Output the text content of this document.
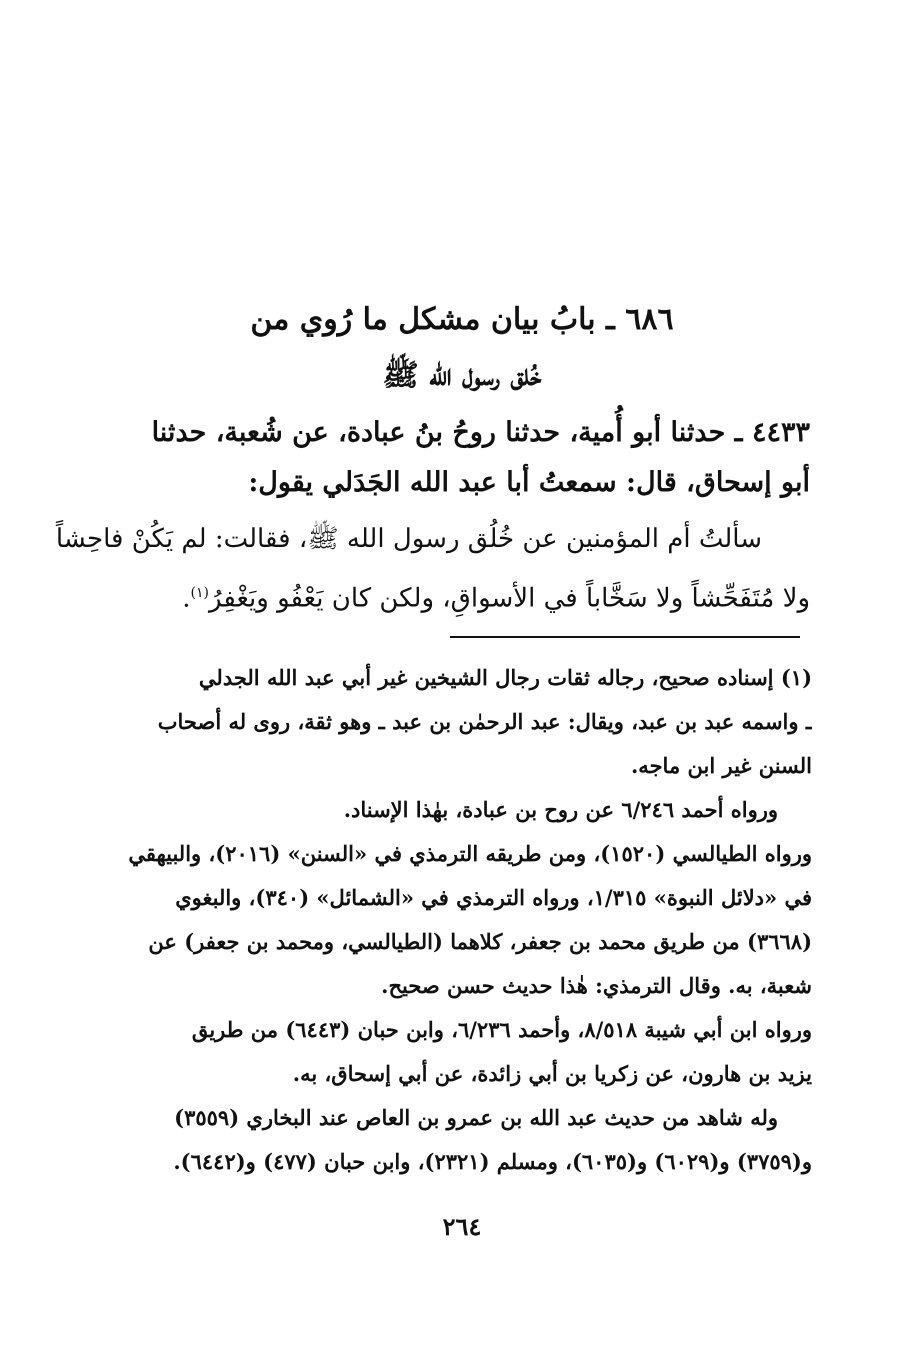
٦٨٦ ـ بابُ بيان مشكل ما رُوي من
خُلق رسول الله ﷺ
٤٤٣٣ ـ حدثنا أبو أُمية، حدثنا روحُ بنُ عبادة، عن شُعبة، حدثنا
أبو إسحاق، قال: سمعتُ أبا عبد الله الجَدَلي يقول:
سألتُ أم المؤمنين عن خُلُق رسول الله ﷺ، فقالت: لم يَكُنْ فاحِشاً
ولا مُتَفَحِّشاً ولا سَخَّاباً في الأسواقِ، ولكن كان يَعْفُو ويَغْفِرُ$^{(١)}$.
(١) إسناده صحيح، رجاله ثقات رجال الشيخين غير أبي عبد الله الجدلي
ـ واسمه عبد بن عبد، ويقال: عبد الرحمٰن بن عبد ـ وهو ثقة، روى له أصحاب
السنن غير ابن ماجه.
ورواه أحمد ٦/٢٤٦ عن روح بن عبادة، بهٰذا الإسناد.
ورواه الطيالسي (١٥٢٠)، ومن طريقه الترمذي في «السنن» (٢٠١٦)، والبيهقي
في «دلائل النبوة» ١/٣١٥، ورواه الترمذي في «الشمائل» (٣٤٠)، والبغوي
(٣٦٦٨) من طريق محمد بن جعفر، كلاهما (الطيالسي، ومحمد بن جعفر) عن
شعبة، به. وقال الترمذي: هٰذا حديث حسن صحيح.
ورواه ابن أبي شيبة ٨/٥١٨، وأحمد ٦/٢٣٦، وابن حبان (٦٤٤٣) من طريق
يزيد بن هارون، عن زكريا بن أبي زائدة، عن أبي إسحاق، به.
وله شاهد من حديث عبد الله بن عمرو بن العاص عند البخاري (٣٥٥٩)
و(٣٧٥٩) و(٦٠٢٩) و(٦٠٣٥)، ومسلم (٢٣٢١)، وابن حبان (٤٧٧) و(٦٤٤٢).
٢٦٤
